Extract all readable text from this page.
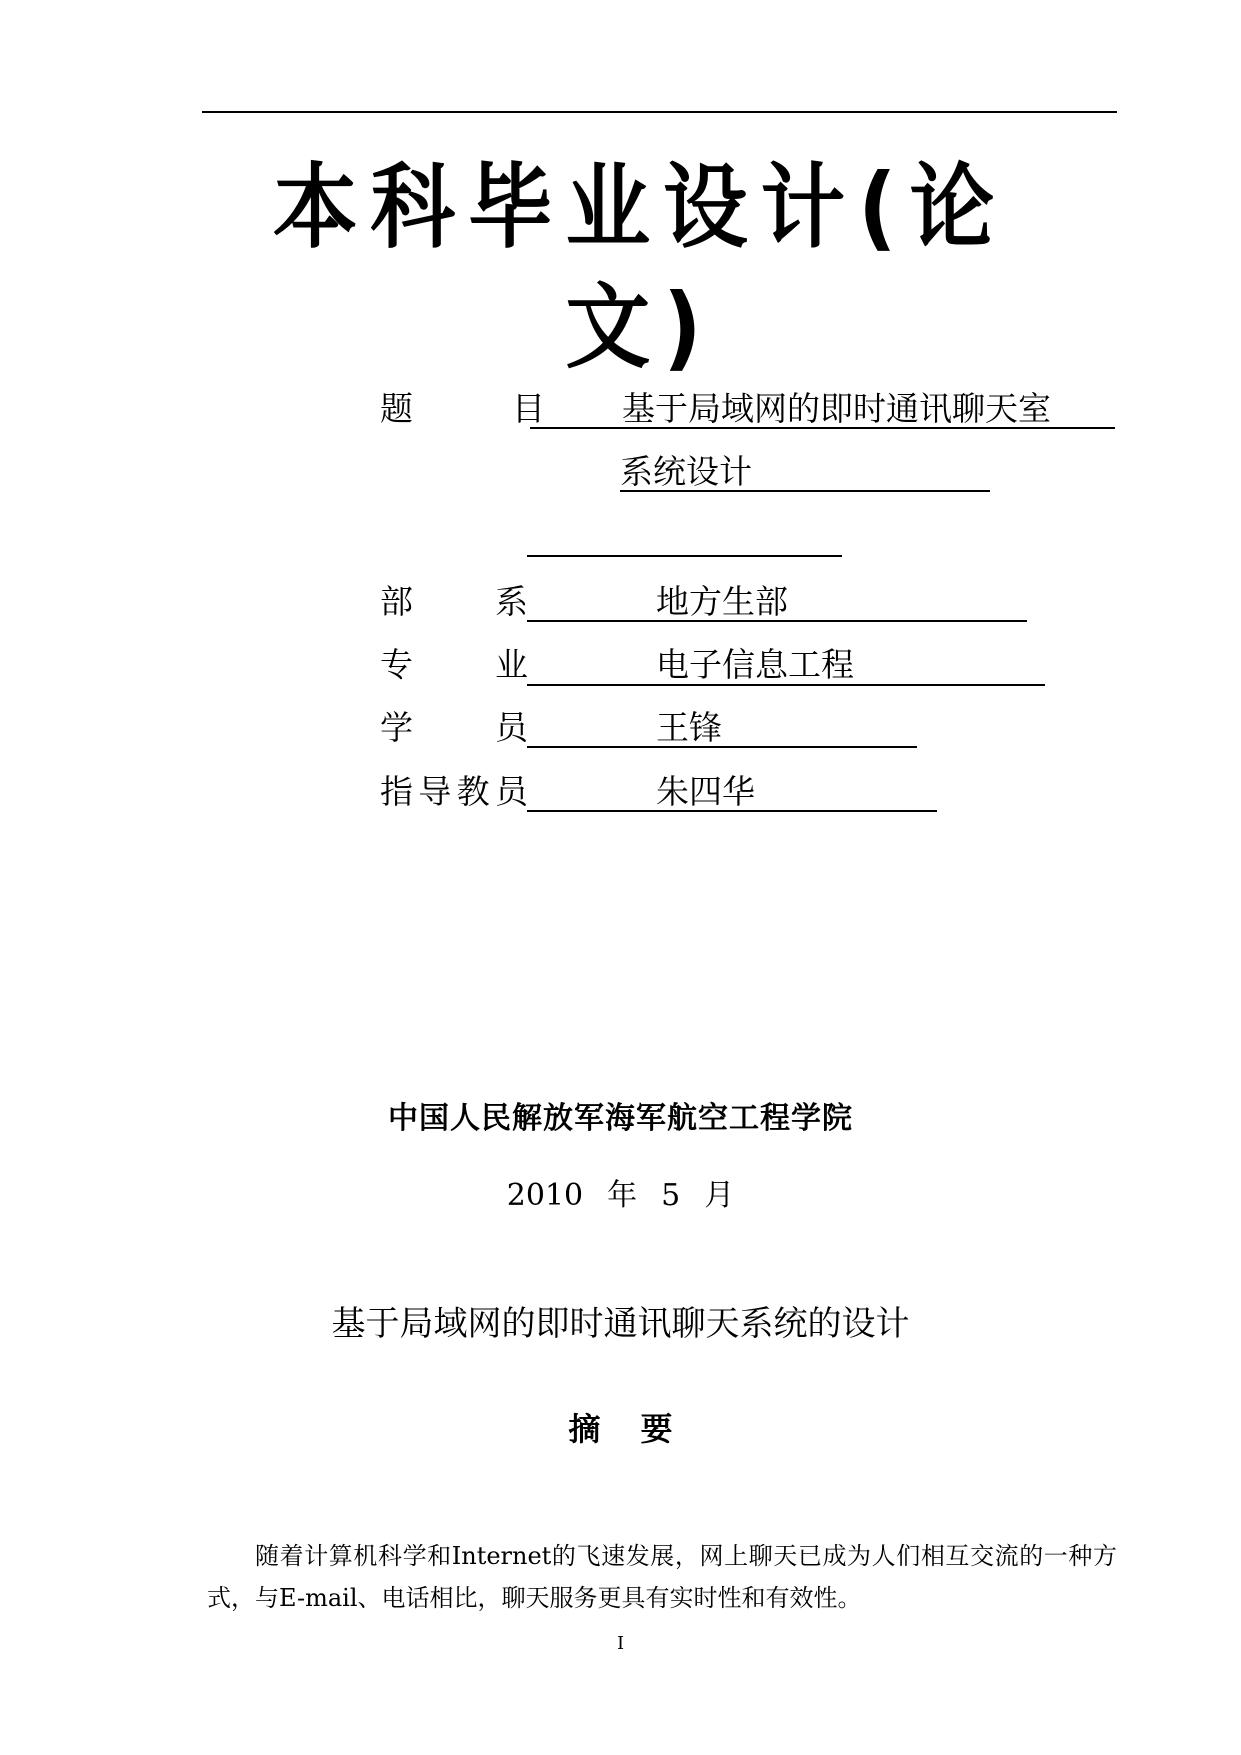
本科毕业设计(论文)
题　　　目 基于局域网的即时通讯聊天室
系统设计
部　　系	地方生部
专　　业	电子信息工程
学　　员	王锋
指导教员	朱四华
中国人民解放军海军航空工程学院
2010 年 5 月
基于局域网的即时通讯聊天系统的设计
摘要
随着计算机科学和Internet的飞速发展，网上聊天已成为人们相互交流的一种方式，与E-mail、电话相比，聊天服务更具有实时性和有效性。
I
